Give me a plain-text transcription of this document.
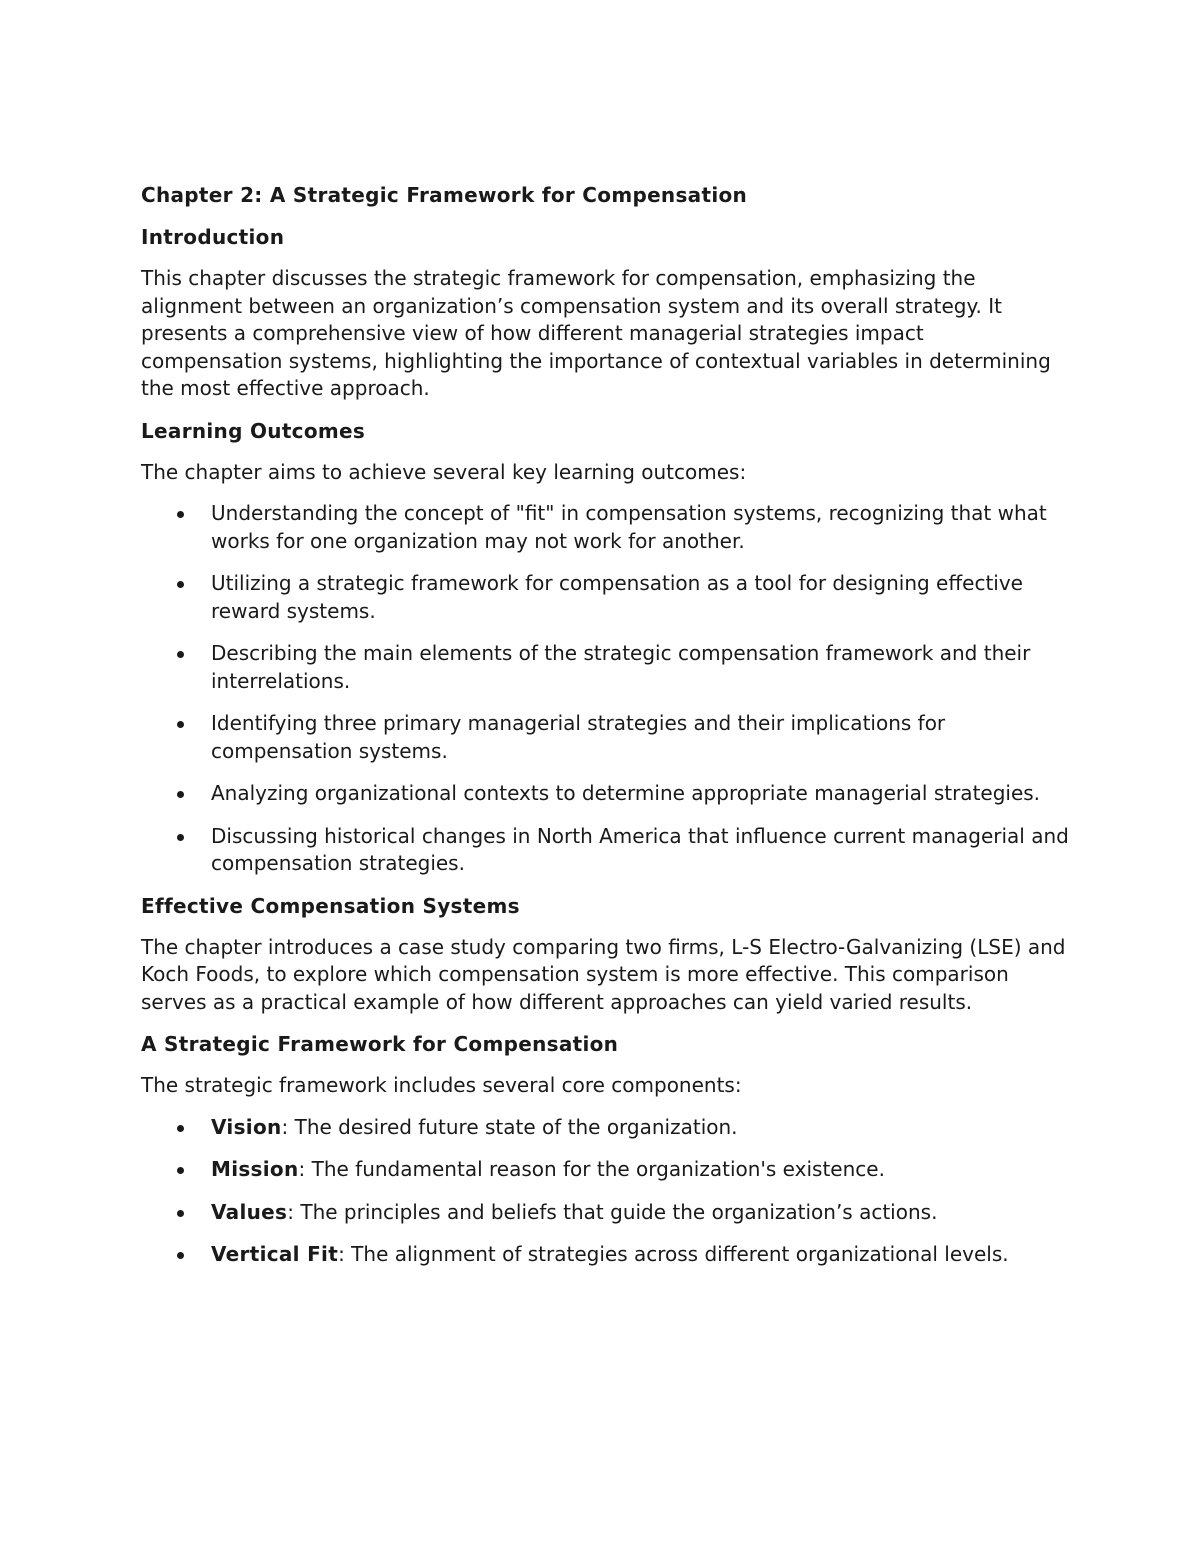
Chapter 2: A Strategic Framework for Compensation
Introduction

This chapter discusses the strategic framework for compensation, emphasizing the alignment between an organization’s compensation system and its overall strategy. It presents a comprehensive view of how different managerial strategies impact compensation systems, highlighting the importance of contextual variables in determining the most effective approach.

Learning Outcomes

The chapter aims to achieve several key learning outcomes:

Understanding the concept of "fit" in compensation systems, recognizing that what works for one organization may not work for another.
Utilizing a strategic framework for compensation as a tool for designing effective reward systems.
Describing the main elements of the strategic compensation framework and their interrelations.
Identifying three primary managerial strategies and their implications for compensation systems.
Analyzing organizational contexts to determine appropriate managerial strategies.
Discussing historical changes in North America that influence current managerial and compensation strategies.
Effective Compensation Systems

The chapter introduces a case study comparing two firms, L-S Electro-Galvanizing (LSE) and Koch Foods, to explore which compensation system is more effective. This comparison serves as a practical example of how different approaches can yield varied results.

A Strategic Framework for Compensation

The strategic framework includes several core components:

Vision: The desired future state of the organization.
Mission: The fundamental reason for the organization's existence.
Values: The principles and beliefs that guide the organization’s actions.
Vertical Fit: The alignment of strategies across different organizational levels.
